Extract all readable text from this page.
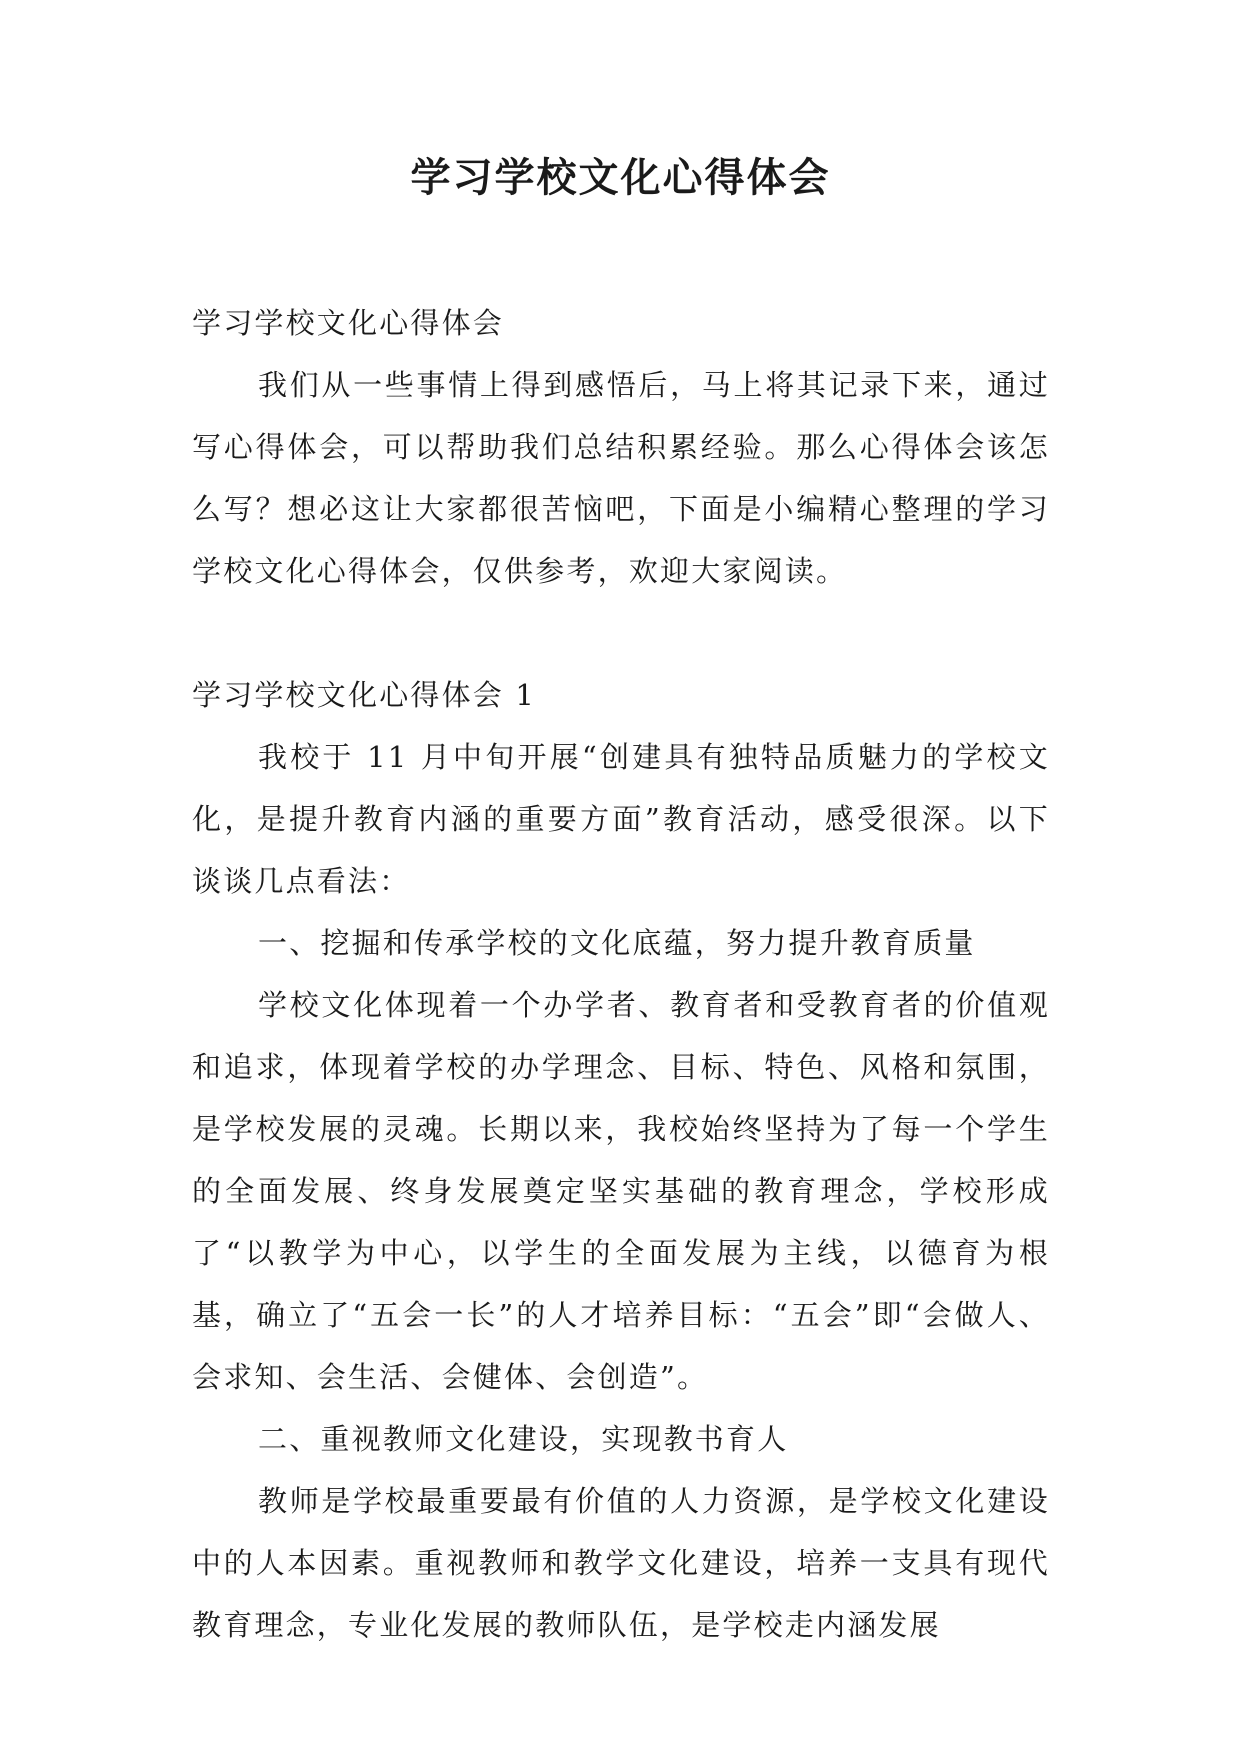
学习学校文化心得体会

学习学校文化心得体会

我们从一些事情上得到感悟后，马上将其记录下来，通过写心得体会，可以帮助我们总结积累经验。那么心得体会该怎么写？想必这让大家都很苦恼吧，下面是小编精心整理的学习学校文化心得体会，仅供参考，欢迎大家阅读。

学习学校文化心得体会 1

我校于 11 月中旬开展“创建具有独特品质魅力的学校文化，是提升教育内涵的重要方面”教育活动，感受很深。以下谈谈几点看法：

一、挖掘和传承学校的文化底蕴，努力提升教育质量

学校文化体现着一个办学者、教育者和受教育者的价值观和追求，体现着学校的办学理念、目标、特色、风格和氛围，是学校发展的灵魂。长期以来，我校始终坚持为了每一个学生的全面发展、终身发展奠定坚实基础的教育理念，学校形成了“以教学为中心，以学生的全面发展为主线，以德育为根基，确立了“五会一长”的人才培养目标：“五会”即“会做人、会求知、会生活、会健体、会创造”。

二、重视教师文化建设，实现教书育人

教师是学校最重要最有价值的人力资源，是学校文化建设中的人本因素。重视教师和教学文化建设，培养一支具有现代教育理念，专业化发展的教师队伍，是学校走内涵发展
